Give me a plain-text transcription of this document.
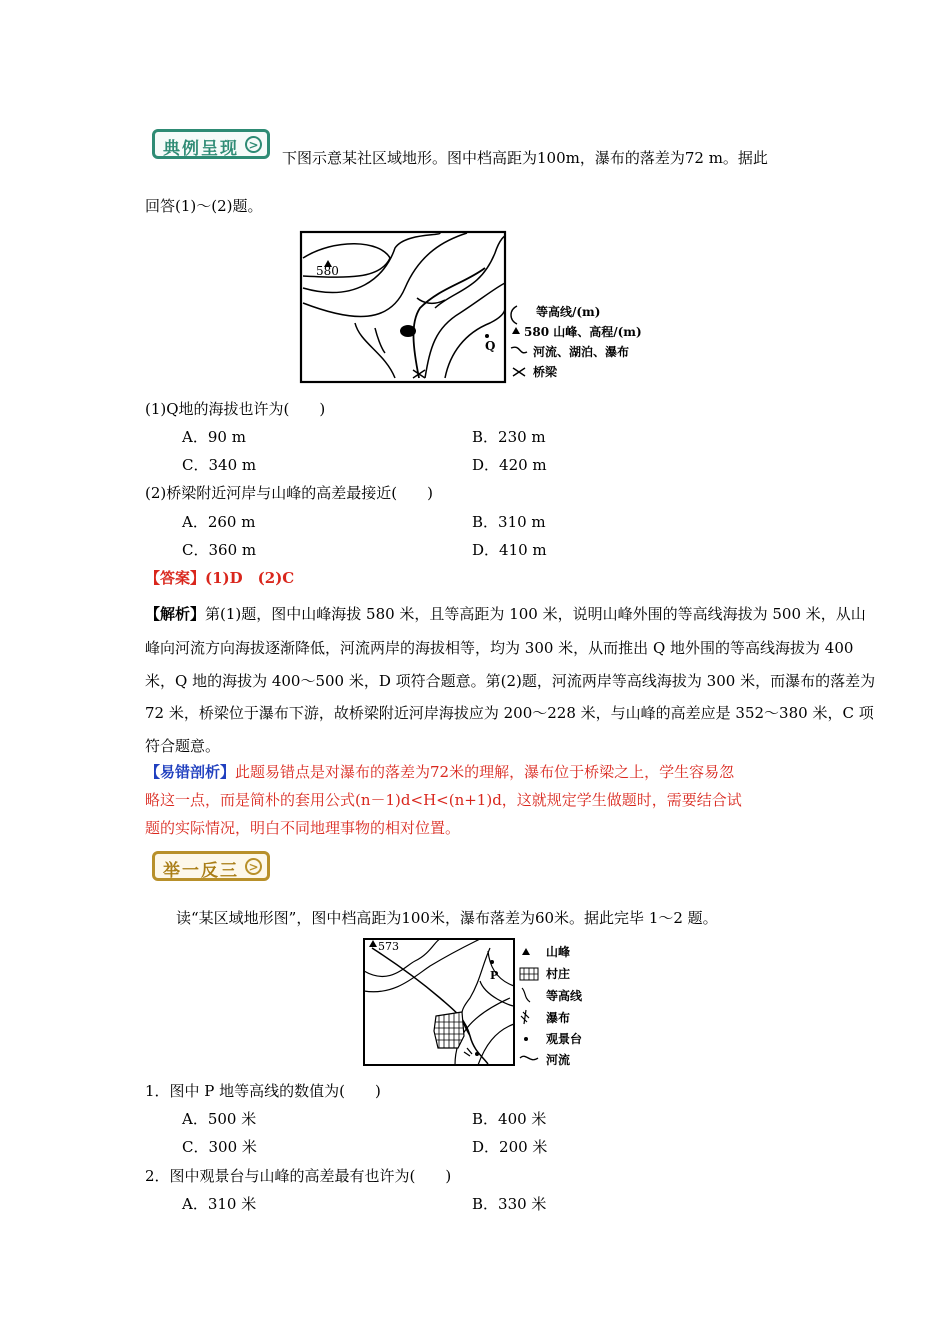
典例呈现 >
下图示意某社区域地形。图中档高距为100m，瀑布的落差为72 m。据此
回答(1)～(2)题。
580
Q
等高线/(m)
580 山峰、高程/(m)
河流、湖泊、瀑布
桥梁
(1)Q地的海拔也许为(　　)
A．90 m	B．230 m
C．340 m	D．420 m
(2)桥梁附近河岸与山峰的高差最接近(　　)
A．260 m	B．310 m
C．360 m	D．410 m
【答案】(1)D　(2)C
【解析】第(1)题，图中山峰海拔 580 米，且等高距为 100 米，说明山峰外围的等高线海拔为 500 米，从山
峰向河流方向海拔逐渐降低，河流两岸的海拔相等，均为 300 米，从而推出 Q 地外围的等高线海拔为 400
米，Q 地的海拔为 400～500 米，D 项符合题意。第(2)题，河流两岸等高线海拔为 300 米，而瀑布的落差为
72 米，桥梁位于瀑布下游，故桥梁附近河岸海拔应为 200～228 米，与山峰的高差应是 352～380 米，C 项
符合题意。
【易错剖析】此题易错点是对瀑布的落差为72米的理解，瀑布位于桥梁之上，学生容易忽
略这一点，而是简朴的套用公式(n－1)d<H<(n+1)d，这就规定学生做题时，需要结合试
题的实际情况，明白不同地理事物的相对位置。
举一反三 >
读“某区域地形图”，图中档高距为100米，瀑布落差为60米。据此完毕 1～2 题。
P
573	山峰
村庄
等高线
瀑布
观景台
河流
1．图中 P 地等高线的数值为(　　)
A．500 米	B．400 米
C．300 米	D．200 米
2．图中观景台与山峰的高差最有也许为(　　)
A．310 米	B．330 米
